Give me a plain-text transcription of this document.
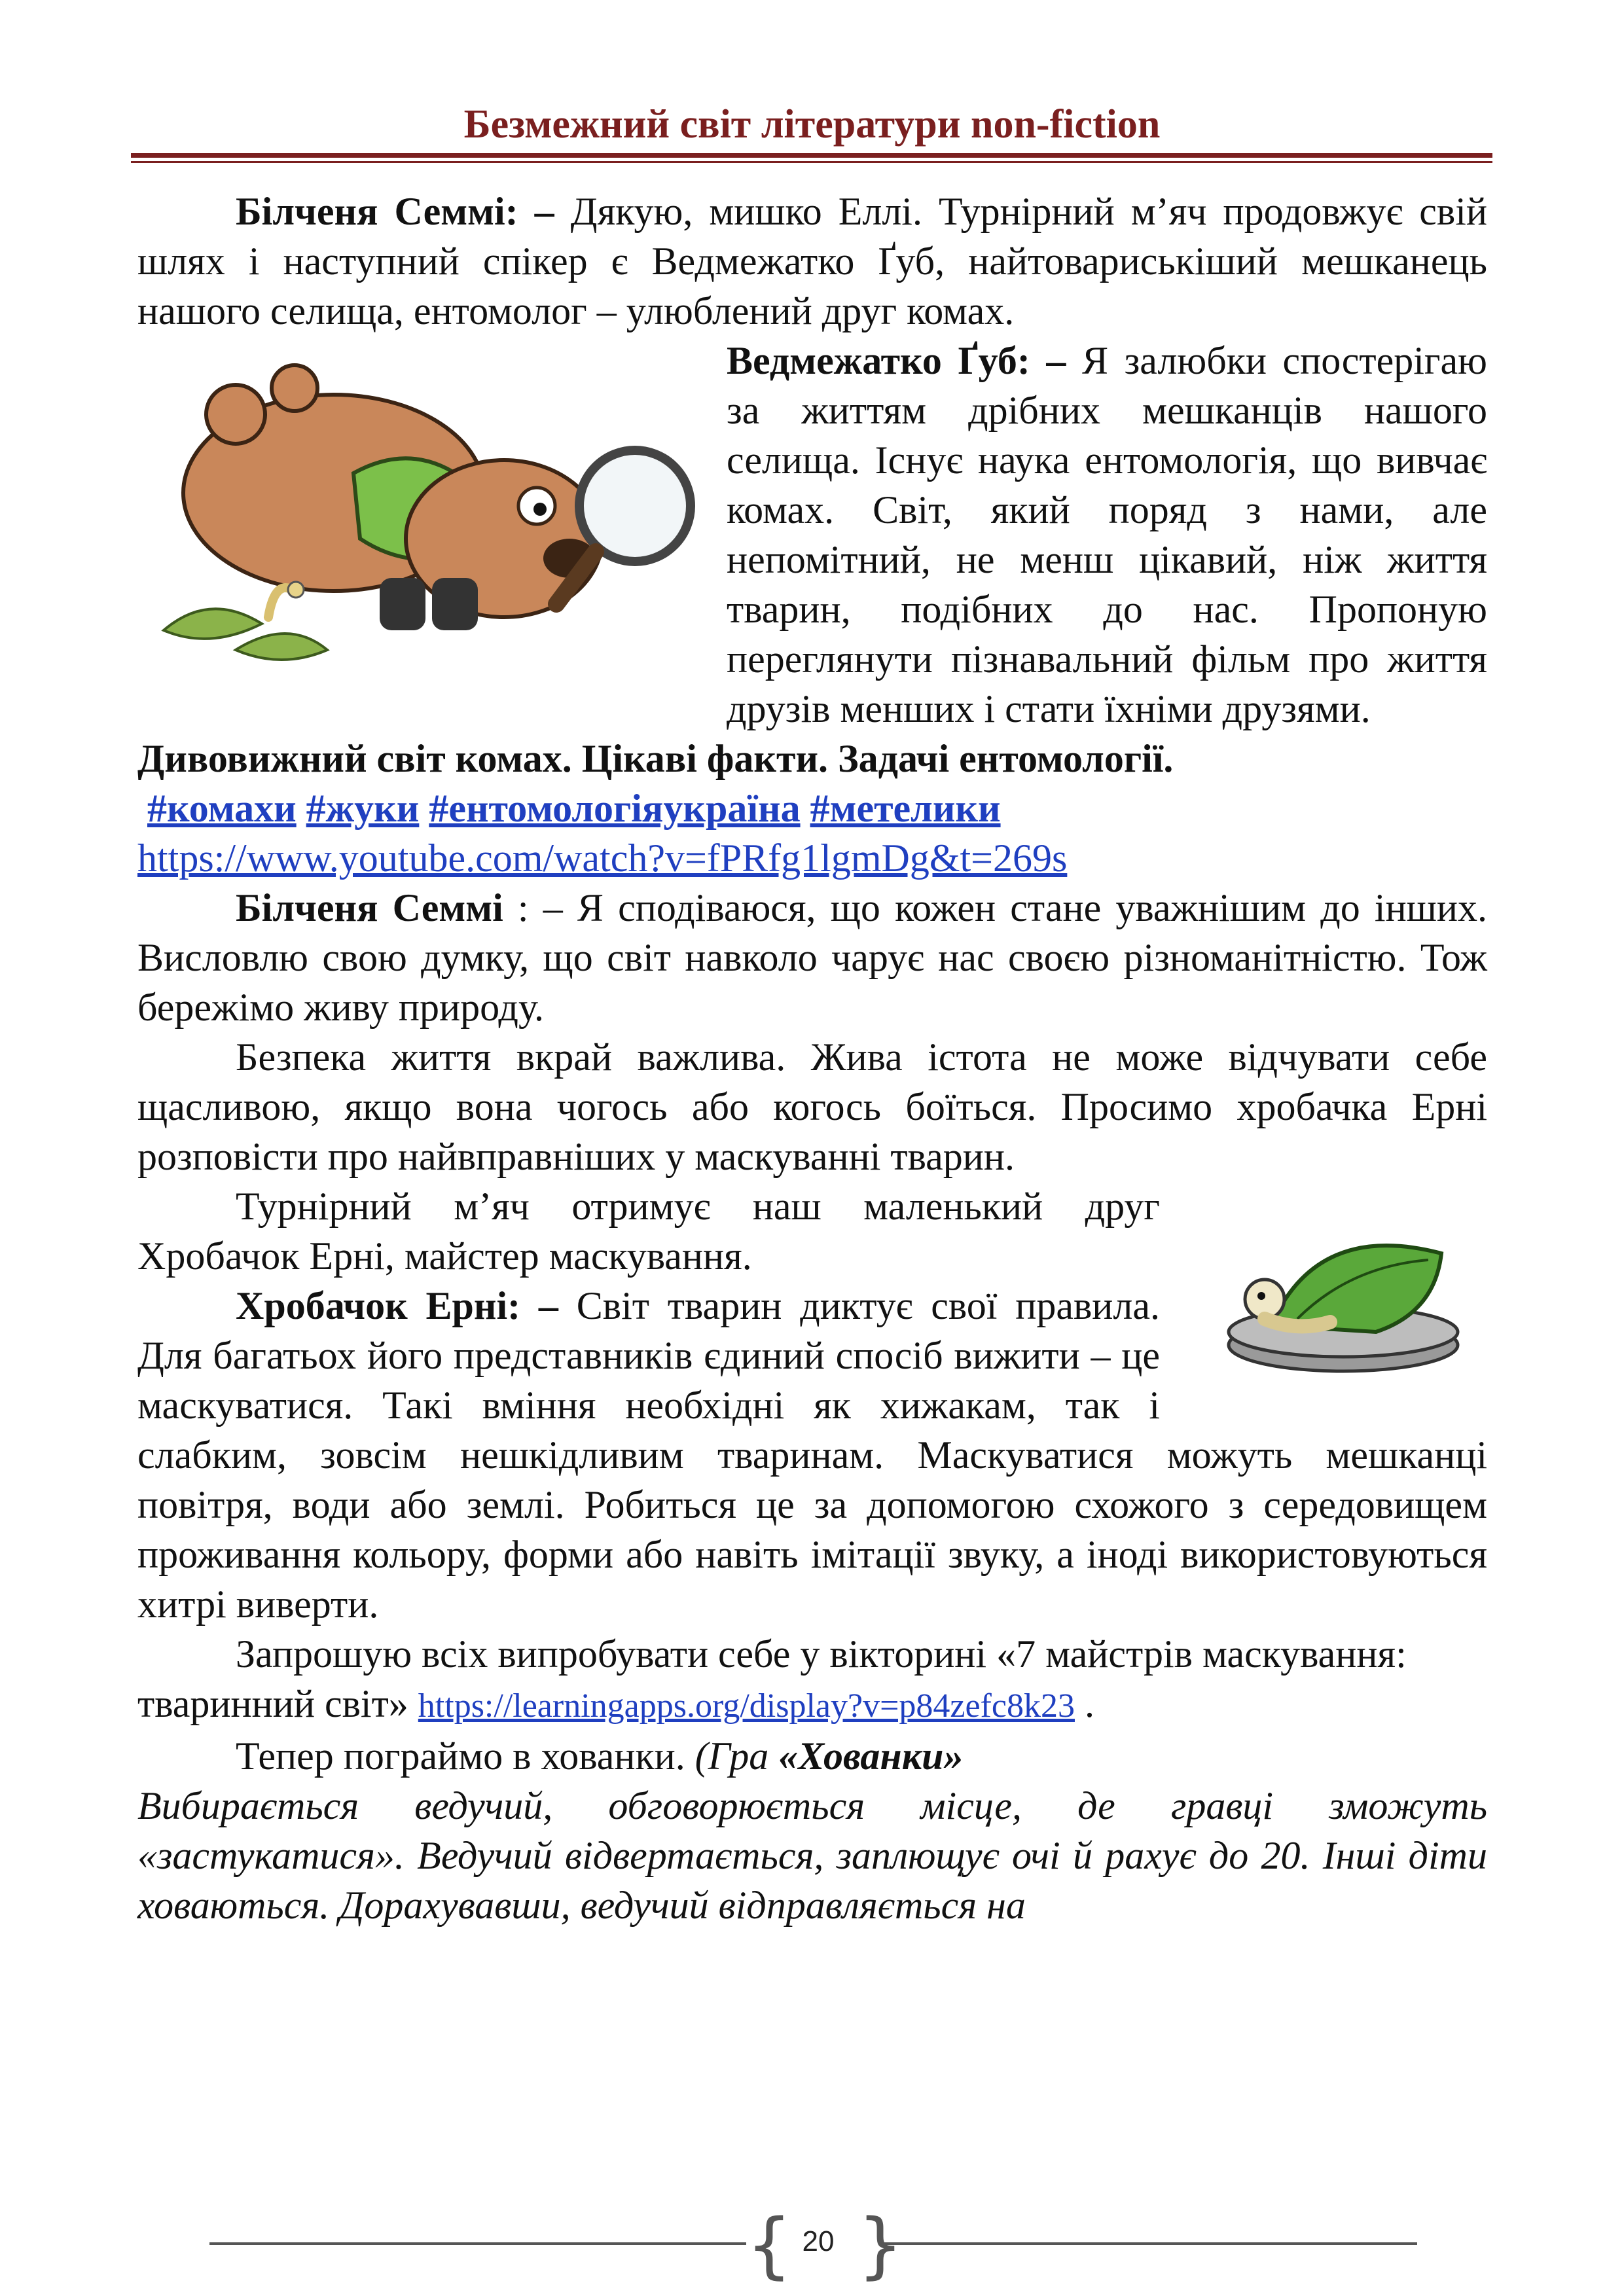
Безмежний світ літератури non-fiction

Білченя Семмі: – Дякую, мишко Еллі. Турнірний м’яч продовжує свій шлях і наступний спікер є Ведмежатко Ґуб, найтовариськіший мешканець нашого селища, ентомолог – улюблений друг комах.

Ведмежатко Ґуб: – Я залюбки спостерігаю за життям дрібних мешканців нашого селища. Існує наука ентомологія, що вивчає комах. Світ, який поряд з нами, але непомітний, не менш цікавий, ніж життя тварин, подібних до нас. Пропоную переглянути пізнавальний фільм про життя друзів менших і стати їхніми друзями.

Дивовижний світ комах. Цікаві факти. Задачі ентомології.

#комахи #жуки #ентомологіяукраїна #метелики

https://www.youtube.com/watch?v=fPRfg1lgmDg&t=269s

Білченя Семмі : – Я сподіваюся, що кожен стане уважнішим до інших. Висловлю свою думку, що світ навколо чарує нас своєю різноманітністю. Тож бережімо живу природу.

Безпека життя вкрай важлива. Жива істота не може відчувати себе щасливою, якщо вона чогось або когось боїться. Просимо хробачка Ерні розповісти про найвправніших у маскуванні тварин.

Турнірний м’яч отримує наш маленький друг Хробачок Ерні, майстер маскування.

Хробачок Ерні: – Світ тварин диктує свої правила. Для багатьох його представників єдиний спосіб вижити – це маскуватися. Такі вміння необхідні як хижакам, так і слабким, зовсім нешкідливим тваринам. Маскуватися можуть мешканці повітря, води або землі. Робиться це за допомогою схожого з середовищем проживання кольору, форми або навіть імітації звуку, а іноді використовуються хитрі виверти.

Запрошую всіх випробувати себе у вікторині «7 майстрів маскування: тваринний світ» https://learningapps.org/display?v=p84zefc8k23 .

Тепер пограймо в хованки. (Гра «Хованки»

Вибирається ведучий, обговорюється місце, де гравці зможуть «застукатися». Ведучий відвертається, заплющує очі й рахує до 20. Інші діти ховаються. Дорахувавши, ведучий відправляється на

{ }
20
